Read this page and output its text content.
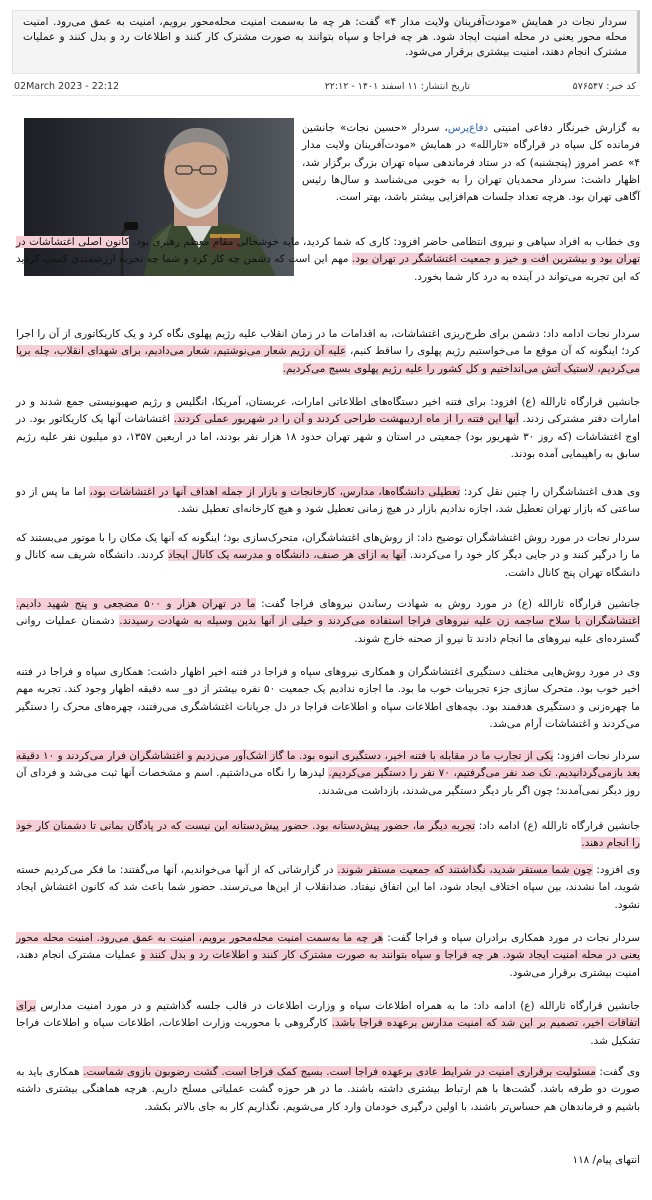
سردار نجات در همایش «مودت‌آفرینان ولایت مدار ۴» گفت: هر چه ما به‌سمت امنیت محله‌محور برویم، امنیت به عمق می‌رود. امنیت محله محور یعنی در محله امنیت ایجاد شود. هر چه فراجا و سپاه بتوانند به صورت مشترک کار کنند و اطلاعات رد و بدل کنند و عملیات مشترک انجام دهند، امنیت بیشتری برقرار می‌شود.
کد خبر: ۵۷۶۵۴۷
تاریخ انتشار: ۱۱ اسفند ۱۴۰۱ - ۲۲:۱۲
02March 2023 - 22:12
به گزارش خبرنگار دفاعی امنیتی دفاع‌پرس، سردار «حسین نجات» جانشین فرمانده کل سپاه در قرارگاه «ثارالله» در همایش «مودت‌آفرینان ولایت مدار ۴» عصر امروز (پنجشنبه) که در ستاد فرماندهی سپاه تهران بزرگ برگزار شد، اظهار داشت: سردار محمدیان تهران را به خوبی می‌شناسد و سال‌ها رئیس آگاهی تهران بود. هرچه تعداد جلسات هم‌افزایی بیشتر باشد، بهتر است.
وی خطاب به افراد سپاهی و نیروی انتظامی حاضر افزود: کاری که شما کردید، مایه خوشحالی مقام معظم رهبری بود. کانون اصلی اغتشاشات در تهران بود و بیشترین افت و خیز و جمعیت اغتشاشگر در تهران بود. مهم این است که دشمن چه کار کرد و شما چه تجربه ارزشمندی کسب کردید که این تجربه می‌تواند در آینده به درد کار شما بخورد.
سردار نجات ادامه داد: دشمن برای طرح‌ریزی اغتشاشات، به اقدامات ما در زمان انقلاب علیه رژیم پهلوی نگاه کرد و یک کاریکاتوری از آن را اجرا کرد؛ اینگونه که آن موقع ما می‌خواستیم رژیم پهلوی را ساقط کنیم، علیه آن رژیم شعار می‌نوشتیم، شعار می‌دادیم، برای شهدای انقلاب، چله برپا می‌کردیم، لاستیک آتش می‌انداختیم و کل کشور را علیه رژیم پهلوی بسیج می‌کردیم.
جانشین قرارگاه ثارالله (ع) افزود: برای فتنه اخیر دستگاه‌های اطلاعاتی امارات، عربستان، آمریکا، انگلیس و رژیم صهیونیستی جمع شدند و در امارات دفتر مشترکی زدند. آنها این فتنه را از ماه اردیبهشت طراحی کردند و آن را در شهریور عملی کردند. اغتشاشات آنها یک کاریکاتور بود. در اوج اغتشاشات (که روز ۳۰ شهریور بود) جمعیتی در استان و شهر تهران حدود ۱۸ هزار نفر بودند، اما در اربعین ۱۳۵۷، دو میلیون نفر علیه رژیم سابق به راهپیمایی آمده بودند.
وی هدف اغتشاشگران را چنین نقل کرد: تعطیلی دانشگاه‌ها، مدارس، کارخانجات و بازار از جمله اهداف آنها در اغتشاشات بود، اما ما پس از دو ساعتی که بازار تهران تعطیل شد، اجازه ندادیم بازار در هیچ زمانی تعطیل شود و هیچ کارخانه‌ای تعطیل نشد.
سردار نجات در مورد روش اغتشاشگران توضیح داد: از روش‌های اغتشاشگران، متحرک‌سازی بود؛ اینگونه که آنها یک مکان را با موتور می‌بستند که ما را درگیر کنند و در جایی دیگر کار خود را می‌کردند. آنها به ازای هر صنف، دانشگاه و مدرسه یک کانال ایجاد کردند. دانشگاه شریف سه کانال و دانشگاه تهران پنج کانال داشت.
جانشین قرارگاه ثارالله (ع) در مورد روش به شهادت رساندن نیروهای فراجا گفت: ما در تهران هزار و ۵۰۰ مضجعی و پنج شهید دادیم. اغتشاشگران با سلاح ساجمه زن علیه نیروهای فراجا استفاده می‌کردند و خیلی از آنها بدین وسیله به شهادت رسیدند. دشمنان عملیات روانی گسترده‌ای علیه نیروهای ما انجام دادند تا نیرو از صحنه خارج شوند.
وی در مورد روش‌هایی مختلف دستگیری اغتشاشگران و همکاری نیروهای سپاه و فراجا در فتنه اخیر اظهار داشت: همکاری سپاه و فراجا در فتنه اخیر خوب بود. متحرک سازی جزء تجربیات خوب ما بود. ما اجازه ندادیم یک جمعیت ۵۰ نفره بیشتر از دو_ سه دقیقه اظهار وجود کند. تجربه مهم ما چهره‌زنی و دستگیری هدفمند بود. بچه‌های اطلاعات سپاه و اطلاعات فراجا در دل جریانات اغتشاشگری می‌رفتند، چهره‌های محرک را دستگیر می‌کردند و اغتشاشات آرام می‌شد.
سردار نجات افزود: یکی از تجارب ما در مقابله با فتنه اخیر، دستگیری انبوه بود. ما گاز اشک‌آور می‌زدیم و اغتشاشگران فرار می‌کردند و ۱۰ دقیقه بعد بازمی‌گردانیدیم. تک صد نفر می‌گرفتیم، ۷۰ نفر را دستگیر می‌کردیم. لیدرها را نگاه می‌داشتیم. اسم و مشخصات آنها ثبت می‌شد و فردای آن روز دیگر نمی‌آمدند؛ چون اگر بار دیگر دستگیر می‌شدند، بازداشت می‌شدند.
جانشین قرارگاه ثارالله (ع) ادامه داد: تجربه دیگر ما، حضور پیش‌دستانه بود. حضور پیش‌دستانه این نیست که در پادگان بمانی تا دشمنان کار خود را انجام دهند.
وی افزود: چون شما مستقر شدید، نگذاشتند که جمعیت مستقر شوند. در گزارشاتی که از آنها می‌خواندیم، آنها می‌گفتند: ما فکر می‌کردیم خسته شوید، اما نشدند، بین سپاه اختلاف ایجاد شود، اما این اتفاق نیفتاد. ضدانقلاب از این‌ها می‌ترسند. حضور شما باعث شد که کانون اغتشاش ایجاد نشود.
سردار نجات در مورد همکاری برادران سپاه و فراجا گفت: هر چه ما به‌سمت امنیت محله‌محور برویم، امنیت به عمق می‌رود. امنیت محله محور یعنی در محله امنیت ایجاد شود. هر چه فراجا و سپاه بتوانند به صورت مشترک کار کنند و اطلاعات رد و بدل کنند و عملیات مشترک انجام دهند، امنیت بیشتری برقرار می‌شود.
جانشین قرارگاه ثارالله (ع) ادامه داد: ما به همراه اطلاعات سپاه و وزارت اطلاعات در قالب جلسه گذاشتیم و در مورد امنیت مدارس برای اتفاقات اخیر، تصمیم بر این شد که امنیت مدارس برعهده فراجا باشد. کارگروهی با محوریت وزارت اطلاعات، اطلاعات سپاه و اطلاعات فراجا تشکیل شد.
وی گفت: مسئولیت برقراری امنیت در شرایط عادی برعهده فراجا است. بسیج کمک فراجا است. گشت رضوبون بازوی شماست. همکاری باید به صورت دو طرفه باشد. گشت‌ها با هم ارتباط بیشتری داشته باشند. ما در هر حوزه گشت عملیاتی مسلح داریم. هرچه هماهنگی بیشتری داشته باشیم و فرماندهان هم حساس‌تر باشند، با اولین درگیری خودمان وارد کار می‌شویم. نگذاریم کار به جای بالاتر بکشد.
انتهای پیام/ ۱۱۸
